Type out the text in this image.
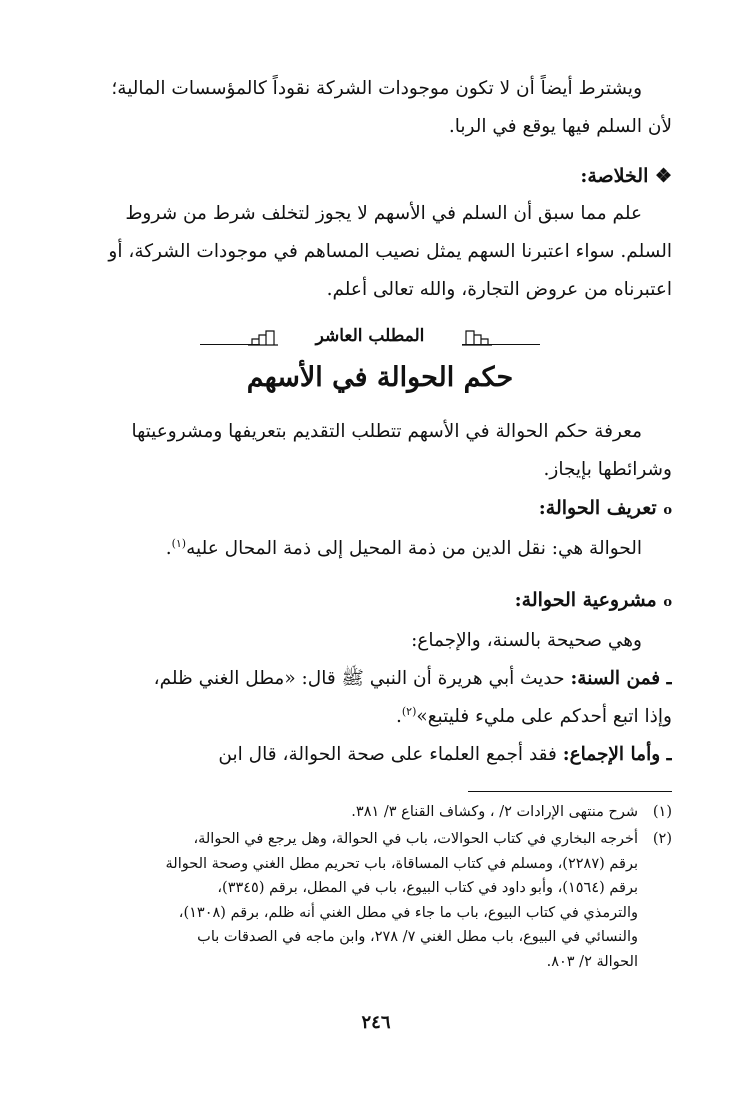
ويشترط أيضاً أن لا تكون موجودات الشركة نقوداً كالمؤسسات المالية؛
لأن السلم فيها يوقع في الربا.
❖ الخلاصة:
علم مما سبق أن السلم في الأسهم لا يجوز لتخلف شرط من شروط
السلم. سواء اعتبرنا السهم يمثل نصيب المساهم في موجودات الشركة، أو
اعتبرناه من عروض التجارة، والله تعالى أعلم.
المطلب العاشر
حكم الحوالة في الأسهم
معرفة حكم الحوالة في الأسهم تتطلب التقديم بتعريفها ومشروعيتها
وشرائطها بإيجاز.
o تعريف الحوالة:
الحوالة هي: نقل الدين من ذمة المحيل إلى ذمة المحال عليه$^{(١)}$.
o مشروعية الحوالة:
وهي صحيحة بالسنة، والإجماع:
ـ فمن السنة: حديث أبي هريرة أن النبي ﷺ قال: «مطل الغني ظلم،
وإذا اتبع أحدكم على مليء فليتبع»$^{(٢)}$.
ـ وأما الإجماع: فقد أجمع العلماء على صحة الحوالة، قال ابن
(١)شرح منتهى الإرادات ٢/ ، وكشاف القناع ٣/ ٣٨١.
(٢)أخرجه البخاري في كتاب الحوالات، باب في الحوالة، وهل يرجع في الحوالة،
برقم (٢٢٨٧)، ومسلم في كتاب المساقاة، باب تحريم مطل الغني وصحة الحوالة
برقم (١٥٦٤)، وأبو داود في كتاب البيوع، باب في المطل، برقم (٣٣٤٥)،
والترمذي في كتاب البيوع، باب ما جاء في مطل الغني أنه ظلم، برقم (١٣٠٨)،
والنسائي في البيوع، باب مطل الغني ٧/ ٢٧٨، وابن ماجه في الصدقات باب
الحوالة ٢/ ٨٠٣.
٢٤٦
